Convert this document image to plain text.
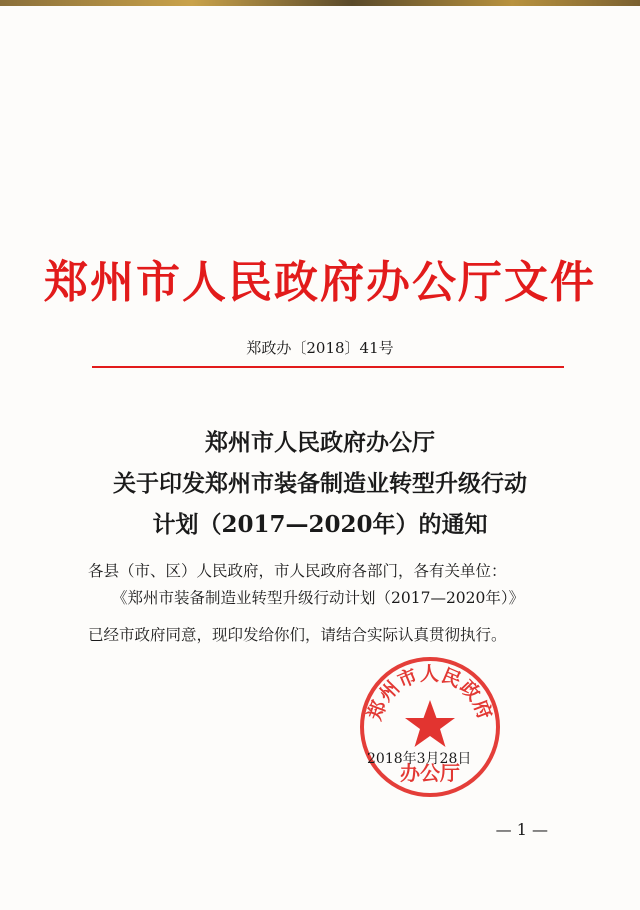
郑州市人民政府办公厅文件
郑政办〔2018〕41号
郑州市人民政府办公厅
关于印发郑州市装备制造业转型升级行动
计划（2017—2020年）的通知
各县（市、区）人民政府，市人民政府各部门，各有关单位：
《郑州市装备制造业转型升级行动计划（2017—2020年）》
已经市政府同意，现印发给你们，请结合实际认真贯彻执行。
郑州市人民政府
办公厅
2018年3月28日
— 1 —
